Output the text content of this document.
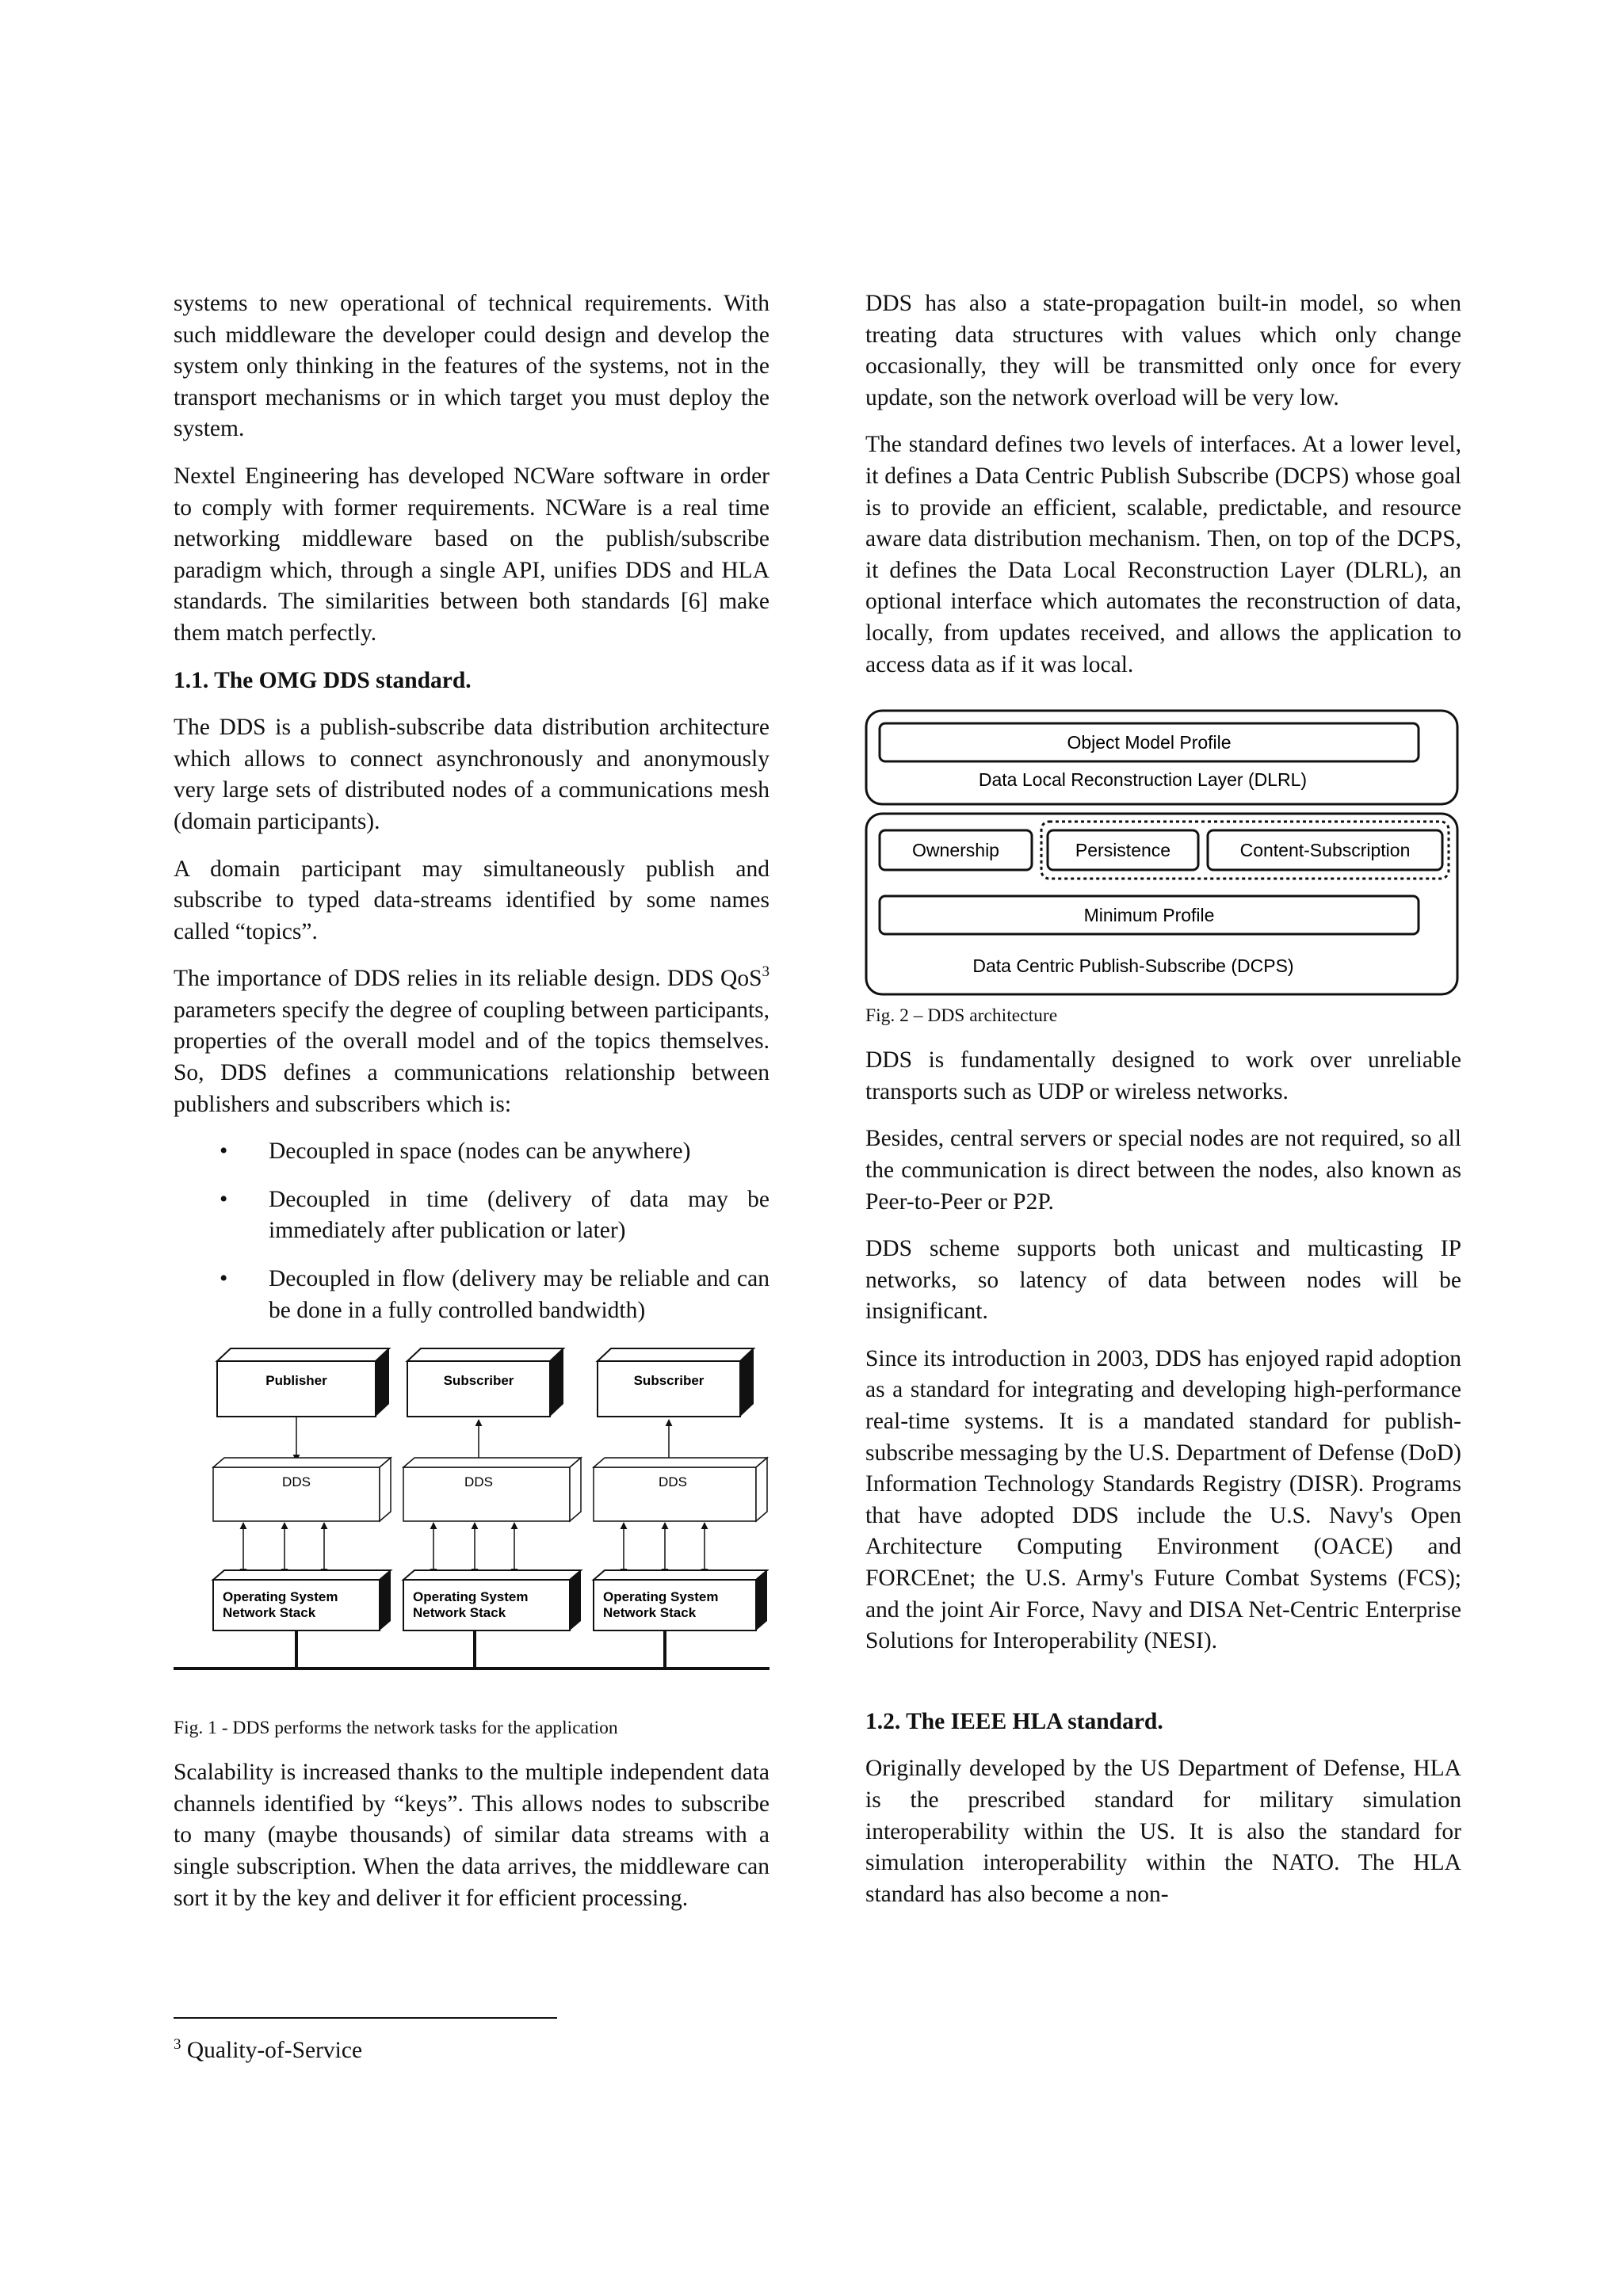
systems to new operational of technical requirements. With such middleware the developer could design and develop the system only thinking in the features of the systems, not in the transport mechanisms or in which target you must deploy the system.

Nextel Engineering has developed NCWare software in order to comply with former requirements. NCWare is a real time networking middleware based on the publish/subscribe paradigm which, through a single API, unifies DDS and HLA standards. The similarities between both standards [6] make them match perfectly.

1.1. The OMG DDS standard.

The DDS is a publish-subscribe data distribution architecture which allows to connect asynchronously and anonymously very large sets of distributed nodes of a communications mesh (domain participants).

A domain participant may simultaneously publish and subscribe to typed data-streams identified by some names called “topics”.

The importance of DDS relies in its reliable design. DDS QoS$^3$ parameters specify the degree of coupling between participants, properties of the overall model and of the topics themselves. So, DDS defines a communications relationship between publishers and subscribers which is:

• Decoupled in space (nodes can be anywhere)
• Decoupled in time (delivery of data may be immediately after publication or later)
• Decoupled in flow (delivery may be reliable and can be done in a fully controlled bandwidth)
Publisher
DDS
Operating System
Network Stack
Subscriber
DDS
Operating System
Network Stack
Subscriber
DDS
Operating System
Network Stack
Fig. 1 - DDS performs the network tasks for the application

Scalability is increased thanks to the multiple independent data channels identified by “keys”. This allows nodes to subscribe to many (maybe thousands) of similar data streams with a single subscription. When the data arrives, the middleware can sort it by the key and deliver it for efficient processing.

$^3$ Quality-of-Service

DDS has also a state-propagation built-in model, so when treating data structures with values which only change occasionally, they will be transmitted only once for every update, son the network overload will be very low.

The standard defines two levels of interfaces. At a lower level, it defines a Data Centric Publish Subscribe (DCPS) whose goal is to provide an efficient, scalable, predictable, and resource aware data distribution mechanism. Then, on top of the DCPS, it defines the Data Local Reconstruction Layer (DLRL), an optional interface which automates the reconstruction of data, locally, from updates received, and allows the application to access data as if it was local.

Object Model Profile
Data Local Reconstruction Layer (DLRL)
Ownership	Persistence	Content-Subscription
Minimum Profile
Data Centric Publish-Subscribe (DCPS)
Fig. 2 – DDS architecture

DDS is fundamentally designed to work over unreliable transports such as UDP or wireless networks.

Besides, central servers or special nodes are not required, so all the communication is direct between the nodes, also known as Peer-to-Peer or P2P.

DDS scheme supports both unicast and multicasting IP networks, so latency of data between nodes will be insignificant.

Since its introduction in 2003, DDS has enjoyed rapid adoption as a standard for integrating and developing high-performance real-time systems. It is a mandated standard for publish-subscribe messaging by the U.S. Department of Defense (DoD) Information Technology Standards Registry (DISR). Programs that have adopted DDS include the U.S. Navy's Open Architecture Computing Environment (OACE) and FORCEnet; the U.S. Army's Future Combat Systems (FCS); and the joint Air Force, Navy and DISA Net-Centric Enterprise Solutions for Interoperability (NESI).

1.2. The IEEE HLA standard.

Originally developed by the US Department of Defense, HLA is the prescribed standard for military simulation interoperability within the US. It is also the standard for simulation interoperability within the NATO. The HLA standard has also become a non-
